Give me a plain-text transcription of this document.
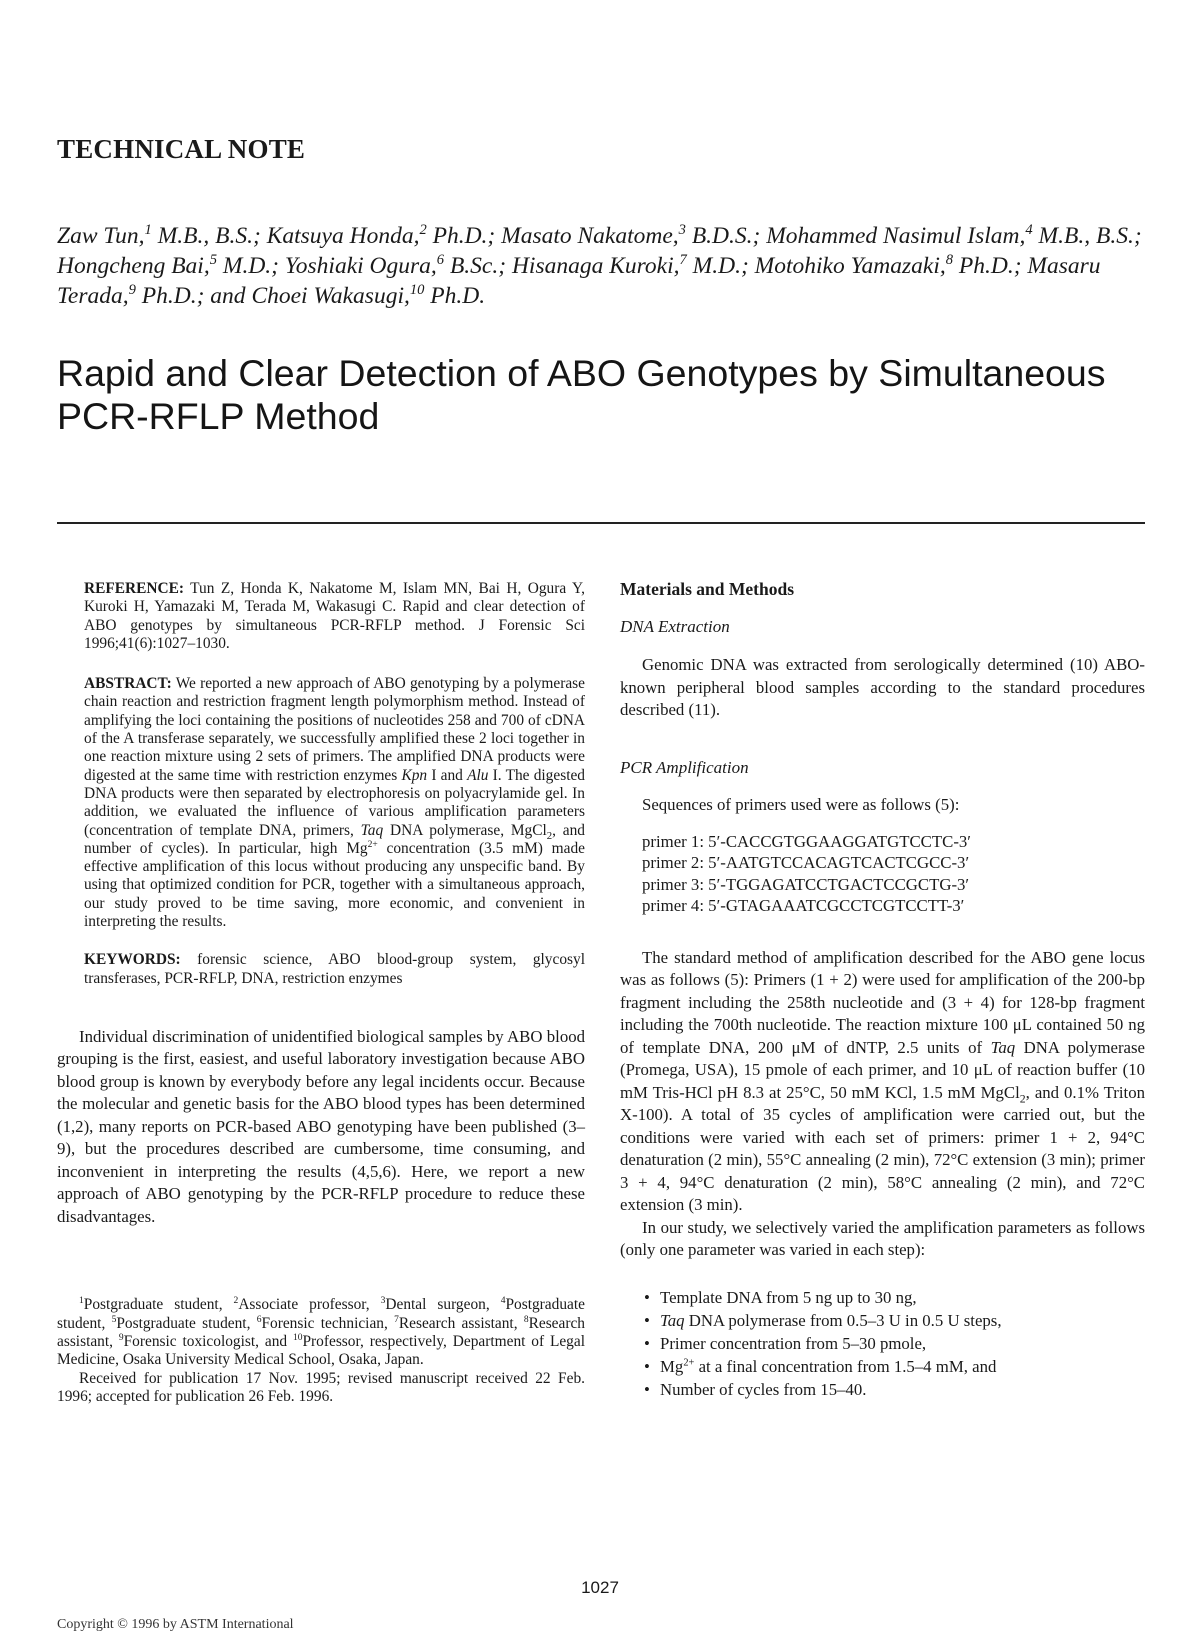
TECHNICAL NOTE
Zaw Tun,$^1$ M.B., B.S.; Katsuya Honda,$^2$ Ph.D.; Masato Nakatome,$^3$ B.D.S.; Mohammed Nasimul Islam,$^4$ M.B., B.S.; Hongcheng Bai,$^5$ M.D.; Yoshiaki Ogura,$^6$ B.Sc.; Hisanaga Kuroki,$^7$ M.D.; Motohiko Yamazaki,$^8$ Ph.D.; Masaru Terada,$^9$ Ph.D.; and Choei Wakasugi,$^{10}$ Ph.D.
Rapid and Clear Detection of ABO Genotypes by Simultaneous
PCR-RFLP Method
REFERENCE: Tun Z, Honda K, Nakatome M, Islam MN, Bai H, Ogura Y, Kuroki H, Yamazaki M, Terada M, Wakasugi C. Rapid and clear detection of ABO genotypes by simultaneous PCR-RFLP method. J Forensic Sci 1996;41(6):1027–1030.
ABSTRACT: We reported a new approach of ABO genotyping by a polymerase chain reaction and restriction fragment length polymorphism method. Instead of amplifying the loci containing the positions of nucleotides 258 and 700 of cDNA of the A transferase separately, we successfully amplified these 2 loci together in one reaction mixture using 2 sets of primers. The amplified DNA products were digested at the same time with restriction enzymes Kpn I and Alu I. The digested DNA products were then separated by electrophoresis on polyacrylamide gel. In addition, we evaluated the influence of various amplification parameters (concentration of template DNA, primers, Taq DNA polymerase, MgCl$_2$, and number of cycles). In particular, high $Mg^{2+}$ concentration (3.5 mM) made effective amplification of this locus without producing any unspecific band. By using that optimized condition for PCR, together with a simultaneous approach, our study proved to be time saving, more economic, and convenient in interpreting the results.
KEYWORDS: forensic science, ABO blood-group system, glycosyl transferases, PCR-RFLP, DNA, restriction enzymes

Individual discrimination of unidentified biological samples by ABO blood grouping is the first, easiest, and useful laboratory investigation because ABO blood group is known by everybody before any legal incidents occur. Because the molecular and genetic basis for the ABO blood types has been determined (1,2), many reports on PCR-based ABO genotyping have been published (3–9), but the procedures described are cumbersome, time consuming, and inconvenient in interpreting the results (4,5,6). Here, we report a new approach of ABO genotyping by the PCR-RFLP procedure to reduce these disadvantages.

$^1$Postgraduate student, $^2$Associate professor, $^3$Dental surgeon, $^4$Postgraduate student, $^5$Postgraduate student, $^6$Forensic technician, $^7$Research assistant, $^8$Research assistant, $^9$Forensic toxicologist, and $^{10}$Professor, respectively, Department of Legal Medicine, Osaka University Medical School, Osaka, Japan.

Received for publication 17 Nov. 1995; revised manuscript received 22 Feb. 1996; accepted for publication 26 Feb. 1996.

Materials and Methods
DNA Extraction

Genomic DNA was extracted from serologically determined (10) ABO-known peripheral blood samples according to the standard procedures described (11).

PCR Amplification

Sequences of primers used were as follows (5):

primer 1: 5′-CACCGTGGAAGGATGTCCTC-3′
primer 2: 5′-AATGTCCACAGTCACTCGCC-3′
primer 3: 5′-TGGAGATCCTGACTCCGCTG-3′
primer 4: 5′-GTAGAAATCGCCTCGTCCTT-3′

The standard method of amplification described for the ABO gene locus was as follows (5): Primers (1 + 2) were used for amplification of the 200-bp fragment including the 258th nucleotide and (3 + 4) for 128-bp fragment including the 700th nucleotide. The reaction mixture 100 μL contained 50 ng of template DNA, 200 μM of dNTP, 2.5 units of Taq DNA polymerase (Promega, USA), 15 pmole of each primer, and 10 μL of reaction buffer (10 mM Tris-HCl pH 8.3 at 25°C, 50 mM KCl, 1.5 mM MgCl$_2$, and 0.1% Triton X-100). A total of 35 cycles of amplification were carried out, but the conditions were varied with each set of primers: primer 1 + 2, 94°C denaturation (2 min), 55°C annealing (2 min), 72°C extension (3 min); primer 3 + 4, 94°C denaturation (2 min), 58°C annealing (2 min), and 72°C extension (3 min).

In our study, we selectively varied the amplification parameters as follows (only one parameter was varied in each step):

• Template DNA from 5 ng up to 30 ng,
• Taq DNA polymerase from 0.5–3 U in 0.5 U steps,
• Primer concentration from 5–30 pmole,
• $Mg^{2+}$ at a final concentration from 1.5–4 mM, and
• Number of cycles from 15–40.
1027
Copyright © 1996 by ASTM International
